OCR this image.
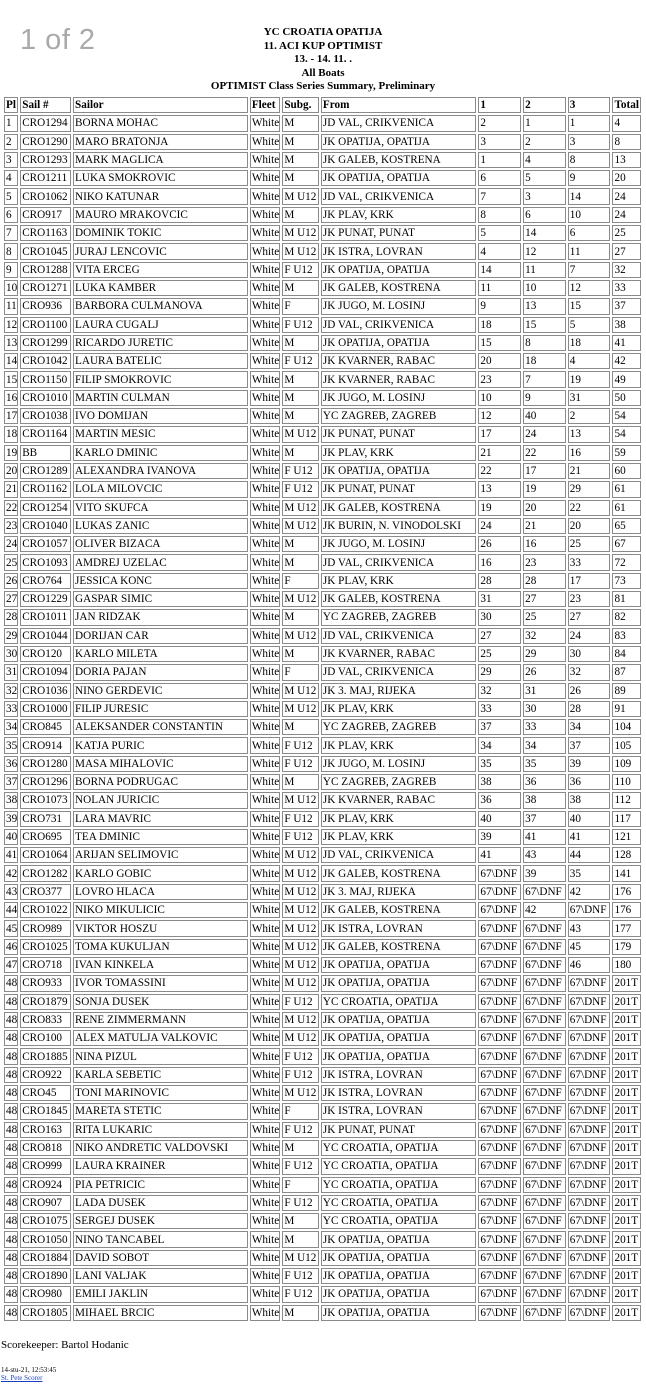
1 of 2	YC CROATIA OPATIJA
11. ACI KUP OPTIMIST
13. - 14. 11. .
All Boats
OPTIMIST Class Series Summary, Preliminary
Pl	Sail #	Sailor	Fleet	Subg.	From	1	2	3	Total
1	CRO1294	BORNA MOHAC	White	M	JD VAL, CRIKVENICA	2	1	1	4
2	CRO1290	MARO BRATONJA	White	M	JK OPATIJA, OPATIJA	3	2	3	8
3	CRO1293	MARK MAGLICA	White	M	JK GALEB, KOSTRENA	1	4	8	13
4	CRO1211	LUKA SMOKROVIC	White	M	JK OPATIJA, OPATIJA	6	5	9	20
5	CRO1062	NIKO KATUNAR	White	M U12	JD VAL, CRIKVENICA	7	3	14	24
6	CRO917	MAURO MRAKOVCIC	White	M	JK PLAV, KRK	8	6	10	24
7	CRO1163	DOMINIK TOKIC	White	M U12	JK PUNAT, PUNAT	5	14	6	25
8	CRO1045	JURAJ LENCOVIC	White	M U12	JK ISTRA, LOVRAN	4	12	11	27
9	CRO1288	VITA ERCEG	White	F U12	JK OPATIJA, OPATIJA	14	11	7	32
10	CRO1271	LUKA KAMBER	White	M	JK GALEB, KOSTRENA	11	10	12	33
11	CRO936	BARBORA CULMANOVA	White	F	JK JUGO, M. LOSINJ	9	13	15	37
12	CRO1100	LAURA CUGALJ	White	F U12	JD VAL, CRIKVENICA	18	15	5	38
13	CRO1299	RICARDO JURETIC	White	M	JK OPATIJA, OPATIJA	15	8	18	41
14	CRO1042	LAURA BATELIC	White	F U12	JK KVARNER, RABAC	20	18	4	42
15	CRO1150	FILIP SMOKROVIC	White	M	JK KVARNER, RABAC	23	7	19	49
16	CRO1010	MARTIN CULMAN	White	M	JK JUGO, M. LOSINJ	10	9	31	50
17	CRO1038	IVO DOMIJAN	White	M	YC ZAGREB, ZAGREB	12	40	2	54
18	CRO1164	MARTIN MESIC	White	M U12	JK PUNAT, PUNAT	17	24	13	54
19	BB	KARLO DMINIC	White	M	JK PLAV, KRK	21	22	16	59
20	CRO1289	ALEXANDRA IVANOVA	White	F U12	JK OPATIJA, OPATIJA	22	17	21	60
21	CRO1162	LOLA MILOVCIC	White	F U12	JK PUNAT, PUNAT	13	19	29	61
22	CRO1254	VITO SKUFCA	White	M U12	JK GALEB, KOSTRENA	19	20	22	61
23	CRO1040	LUKAS ZANIC	White	M U12	JK BURIN, N. VINODOLSKI	24	21	20	65
24	CRO1057	OLIVER BIZACA	White	M	JK JUGO, M. LOSINJ	26	16	25	67
25	CRO1093	AMDREJ UZELAC	White	M	JD VAL, CRIKVENICA	16	23	33	72
26	CRO764	JESSICA KONC	White	F	JK PLAV, KRK	28	28	17	73
27	CRO1229	GASPAR SIMIC	White	M U12	JK GALEB, KOSTRENA	31	27	23	81
28	CRO1011	JAN RIDZAK	White	M	YC ZAGREB, ZAGREB	30	25	27	82
29	CRO1044	DORIJAN CAR	White	M U12	JD VAL, CRIKVENICA	27	32	24	83
30	CRO120	KARLO MILETA	White	M	JK KVARNER, RABAC	25	29	30	84
31	CRO1094	DORIA PAJAN	White	F	JD VAL, CRIKVENICA	29	26	32	87
32	CRO1036	NINO GERDEVIC	White	M U12	JK 3. MAJ, RIJEKA	32	31	26	89
33	CRO1000	FILIP JURESIC	White	M U12	JK PLAV, KRK	33	30	28	91
34	CRO845	ALEKSANDER CONSTANTIN	White	M	YC ZAGREB, ZAGREB	37	33	34	104
35	CRO914	KATJA PURIC	White	F U12	JK PLAV, KRK	34	34	37	105
36	CRO1280	MASA MIHALOVIC	White	F U12	JK JUGO, M. LOSINJ	35	35	39	109
37	CRO1296	BORNA PODRUGAC	White	M	YC ZAGREB, ZAGREB	38	36	36	110
38	CRO1073	NOLAN JURICIC	White	M U12	JK KVARNER, RABAC	36	38	38	112
39	CRO731	LARA MAVRIC	White	F U12	JK PLAV, KRK	40	37	40	117
40	CRO695	TEA DMINIC	White	F U12	JK PLAV, KRK	39	41	41	121
41	CRO1064	ARIJAN SELIMOVIC	White	M U12	JD VAL, CRIKVENICA	41	43	44	128
42	CRO1282	KARLO GOBIC	White	M U12	JK GALEB, KOSTRENA	67\DNF	39	35	141
43	CRO377	LOVRO HLACA	White	M U12	JK 3. MAJ, RIJEKA	67\DNF	67\DNF	42	176
44	CRO1022	NIKO MIKULICIC	White	M U12	JK GALEB, KOSTRENA	67\DNF	42	67\DNF	176
45	CRO989	VIKTOR HOSZU	White	M U12	JK ISTRA, LOVRAN	67\DNF	67\DNF	43	177
46	CRO1025	TOMA KUKULJAN	White	M U12	JK GALEB, KOSTRENA	67\DNF	67\DNF	45	179
47	CRO718	IVAN KINKELA	White	M U12	JK OPATIJA, OPATIJA	67\DNF	67\DNF	46	180
48	CRO933	IVOR TOMASSINI	White	M U12	JK OPATIJA, OPATIJA	67\DNF	67\DNF	67\DNF	201T
48	CRO1879	SONJA DUSEK	White	F U12	YC CROATIA, OPATIJA	67\DNF	67\DNF	67\DNF	201T
48	CRO833	RENE ZIMMERMANN	White	M U12	JK OPATIJA, OPATIJA	67\DNF	67\DNF	67\DNF	201T
48	CRO100	ALEX MATULJA VALKOVIC	White	M U12	JK OPATIJA, OPATIJA	67\DNF	67\DNF	67\DNF	201T
48	CRO1885	NINA PIZUL	White	F U12	JK OPATIJA, OPATIJA	67\DNF	67\DNF	67\DNF	201T
48	CRO922	KARLA SEBETIC	White	F U12	JK ISTRA, LOVRAN	67\DNF	67\DNF	67\DNF	201T
48	CRO45	TONI MARINOVIC	White	M U12	JK ISTRA, LOVRAN	67\DNF	67\DNF	67\DNF	201T
48	CRO1845	MARETA STETIC	White	F	JK ISTRA, LOVRAN	67\DNF	67\DNF	67\DNF	201T
48	CRO163	RITA LUKARIC	White	F U12	JK PUNAT, PUNAT	67\DNF	67\DNF	67\DNF	201T
48	CRO818	NIKO ANDRETIC VALDOVSKI	White	M	YC CROATIA, OPATIJA	67\DNF	67\DNF	67\DNF	201T
48	CRO999	LAURA KRAINER	White	F U12	YC CROATIA, OPATIJA	67\DNF	67\DNF	67\DNF	201T
48	CRO924	PIA PETRICIC	White	F	YC CROATIA, OPATIJA	67\DNF	67\DNF	67\DNF	201T
48	CRO907	LADA DUSEK	White	F U12	YC CROATIA, OPATIJA	67\DNF	67\DNF	67\DNF	201T
48	CRO1075	SERGEJ DUSEK	White	M	YC CROATIA, OPATIJA	67\DNF	67\DNF	67\DNF	201T
48	CRO1050	NINO TANCABEL	White	M	JK OPATIJA, OPATIJA	67\DNF	67\DNF	67\DNF	201T
48	CRO1884	DAVID SOBOT	White	M U12	JK OPATIJA, OPATIJA	67\DNF	67\DNF	67\DNF	201T
48	CRO1890	LANI VALJAK	White	F U12	JK OPATIJA, OPATIJA	67\DNF	67\DNF	67\DNF	201T
48	CRO980	EMILI JAKLIN	White	F U12	JK OPATIJA, OPATIJA	67\DNF	67\DNF	67\DNF	201T
48	CRO1805	MIHAEL BRCIC	White	M	JK OPATIJA, OPATIJA	67\DNF	67\DNF	67\DNF	201T
Scorekeeper: Bartol Hodanic
14-stu-21, 12:53:45
St. Pete Scorer
